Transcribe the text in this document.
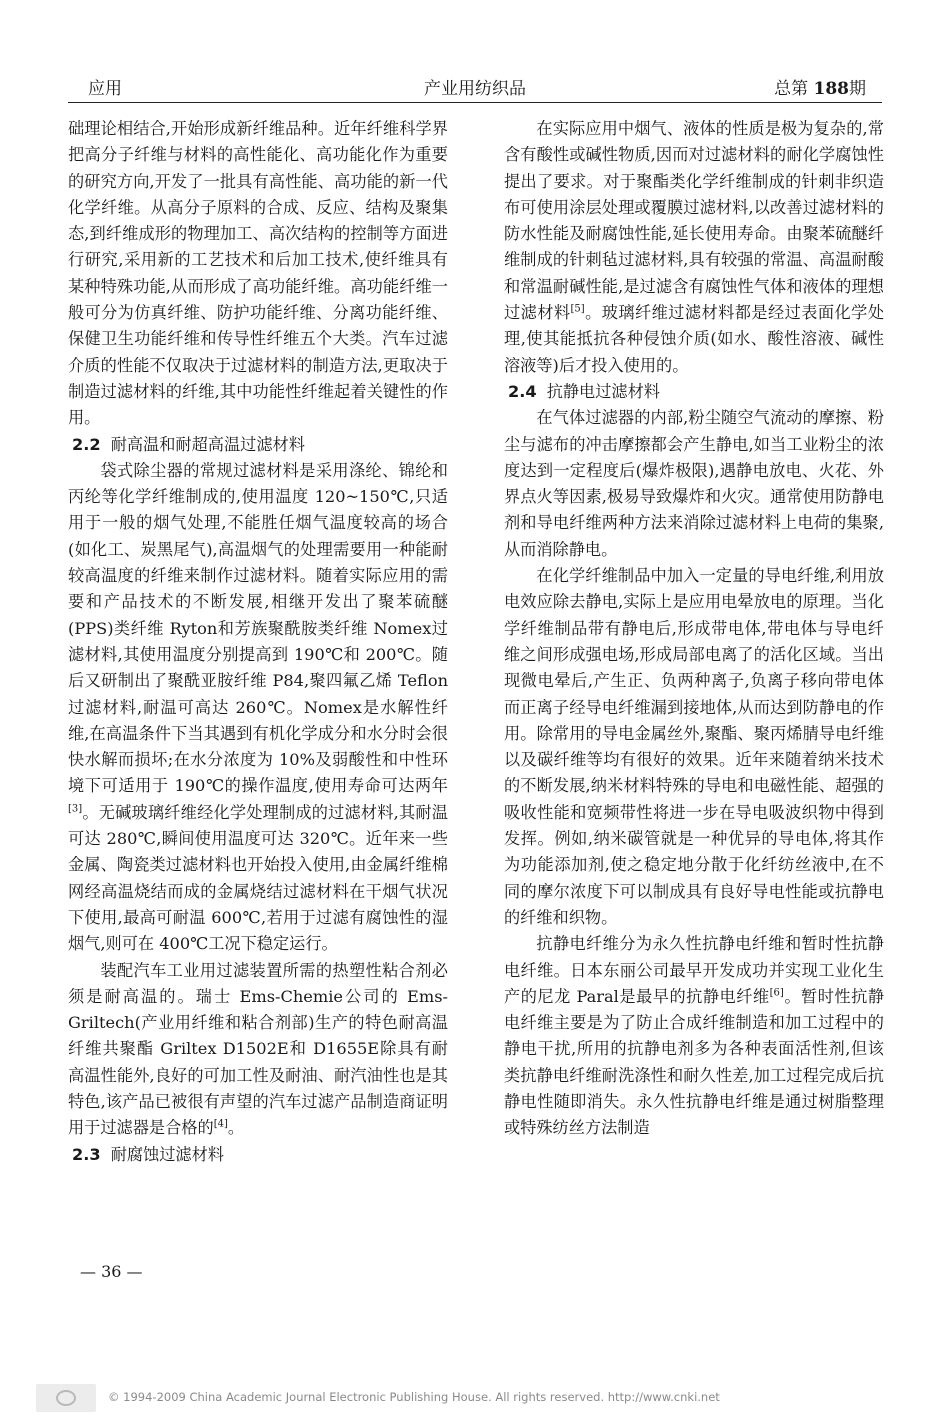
应用	产业用纺织品	总第 188期

础理论相结合,开始形成新纤维品种。近年纤维科学界把高分子纤维与材料的高性能化、高功能化作为重要的研究方向,开发了一批具有高性能、高功能的新一代化学纤维。从高分子原料的合成、反应、结构及聚集态,到纤维成形的物理加工、高次结构的控制等方面进行研究,采用新的工艺技术和后加工技术,使纤维具有某种特殊功能,从而形成了高功能纤维。高功能纤维一般可分为仿真纤维、防护功能纤维、分离功能纤维、保健卫生功能纤维和传导性纤维五个大类。汽车过滤介质的性能不仅取决于过滤材料的制造方法,更取决于制造过滤材料的纤维,其中功能性纤维起着关键性的作用。

2.2 耐高温和耐超高温过滤材料

袋式除尘器的常规过滤材料是采用涤纶、锦纶和丙纶等化学纤维制成的,使用温度 120~150℃,只适用于一般的烟气处理,不能胜任烟气温度较高的场合(如化工、炭黑尾气),高温烟气的处理需要用一种能耐较高温度的纤维来制作过滤材料。随着实际应用的需要和产品技术的不断发展,相继开发出了聚苯硫醚(PPS)类纤维 Ryton和芳族聚酰胺类纤维 Nomex过滤材料,其使用温度分别提高到 190℃和 200℃。随后又研制出了聚酰亚胺纤维 P84,聚四氟乙烯 Teflon过滤材料,耐温可高达 260℃。Nomex是水解性纤维,在高温条件下当其遇到有机化学成分和水分时会很快水解而损坏;在水分浓度为 10%及弱酸性和中性环境下可适用于 190℃的操作温度,使用寿命可达两年[3]。无碱玻璃纤维经化学处理制成的过滤材料,其耐温可达 280℃,瞬间使用温度可达 320℃。近年来一些金属、陶瓷类过滤材料也开始投入使用,由金属纤维棉网经高温烧结而成的金属烧结过滤材料在干烟气状况下使用,最高可耐温 600℃,若用于过滤有腐蚀性的湿烟气,则可在 400℃工况下稳定运行。

装配汽车工业用过滤装置所需的热塑性粘合剂必须是耐高温的。瑞士 Ems-Chemie公司的 Ems-Griltech(产业用纤维和粘合剂部)生产的特色耐高温纤维共聚酯 Griltex D1502E和 D1655E除具有耐高温性能外,良好的可加工性及耐油、耐汽油性也是其特色,该产品已被很有声望的汽车过滤产品制造商证明用于过滤器是合格的[4]。

2.3 耐腐蚀过滤材料

在实际应用中烟气、液体的性质是极为复杂的,常含有酸性或碱性物质,因而对过滤材料的耐化学腐蚀性提出了要求。对于聚酯类化学纤维制成的针刺非织造布可使用涂层处理或覆膜过滤材料,以改善过滤材料的防水性能及耐腐蚀性能,延长使用寿命。由聚苯硫醚纤维制成的针刺毡过滤材料,具有较强的常温、高温耐酸和常温耐碱性能,是过滤含有腐蚀性气体和液体的理想过滤材料[5]。玻璃纤维过滤材料都是经过表面化学处理,使其能抵抗各种侵蚀介质(如水、酸性溶液、碱性溶液等)后才投入使用的。

2.4 抗静电过滤材料

在气体过滤器的内部,粉尘随空气流动的摩擦、粉尘与滤布的冲击摩擦都会产生静电,如当工业粉尘的浓度达到一定程度后(爆炸极限),遇静电放电、火花、外界点火等因素,极易导致爆炸和火灾。通常使用防静电剂和导电纤维两种方法来消除过滤材料上电荷的集聚,从而消除静电。

在化学纤维制品中加入一定量的导电纤维,利用放电效应除去静电,实际上是应用电晕放电的原理。当化学纤维制品带有静电后,形成带电体,带电体与导电纤维之间形成强电场,形成局部电离了的活化区域。当出现微电晕后,产生正、负两种离子,负离子移向带电体而正离子经导电纤维漏到接地体,从而达到防静电的作用。除常用的导电金属丝外,聚酯、聚丙烯腈导电纤维以及碳纤维等均有很好的效果。近年来随着纳米技术的不断发展,纳米材料特殊的导电和电磁性能、超强的吸收性能和宽频带性将进一步在导电吸波织物中得到发挥。例如,纳米碳管就是一种优异的导电体,将其作为功能添加剂,使之稳定地分散于化纤纺丝液中,在不同的摩尔浓度下可以制成具有良好导电性能或抗静电的纤维和织物。

抗静电纤维分为永久性抗静电纤维和暂时性抗静电纤维。日本东丽公司最早开发成功并实现工业化生产的尼龙 Paral是最早的抗静电纤维[6]。暂时性抗静电纤维主要是为了防止合成纤维制造和加工过程中的静电干扰,所用的抗静电剂多为各种表面活性剂,但该类抗静电纤维耐洗涤性和耐久性差,加工过程完成后抗静电性随即消失。永久性抗静电纤维是通过树脂整理或特殊纺丝方法制造

— 36 —
© 1994-2009 China Academic Journal Electronic Publishing House. All rights reserved. http://www.cnki.net
